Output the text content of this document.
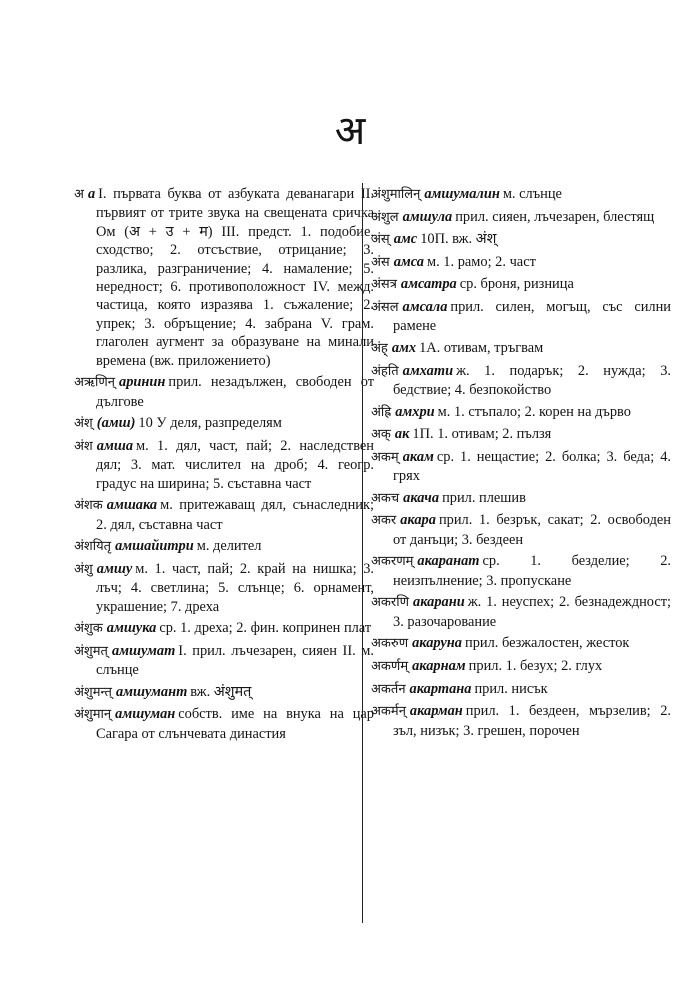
अ

अ a I. първата буква от азбуката деванагари II. първият от трите звука на свещената сричка Ом (अ + उ + म) III. предст. 1. подобие, сходство; 2. отсъствие, отрицание; 3. разлика, разграничение; 4. намаление; 5. нередност; 6. противоположност IV. межд. частица, която изразява 1. съжаление; 2. упрек; 3. обръщение; 4. забрана V. грам. глаголен аугмент за образуване на минали времена (вж. приложението)

अऋणिन् аринин прил. незадължен, свободен от дългове

अंश् (амш) 10 У деля, разпределям

अंश амша м. 1. дял, част, пай; 2. наследствен дял; 3. мат. числител на дроб; 4. геогр. градус на ширина; 5. съставна част

अंशक амшака м. притежаващ дял, сънаследник; 2. дял, съставна част

अंशयितृ амшайитри м. делител

अंशु амшу м. 1. част, пай; 2. край на нишка; 3. лъч; 4. светлина; 5. слънце; 6. орнамент, украшение; 7. дреха

अंशुक амшука ср. 1. дреха; 2. фин. копринен плат

अंशुमत् амшумат I. прил. лъчезарен, сияен II. м. слънце

अंशुमन्त् амшумант вж. अंशुमत्

अंशुमान् амшуман собств. име на внука на цар Сагара от слънчевата династия

अंशुमालिन् амшумалин м. слънце

अंशुल амшула прил. сияен, лъчезарен, блестящ

अंस् амс 10П. вж. अंश्

अंस амса м. 1. рамо; 2. част

अंसत्र амсатра ср. броня, ризница

अंसल амсала прил. силен, могъщ, със силни рамене

अंह् амх 1А. отивам, тръгвам

अंहति амхати ж. 1. подарък; 2. нужда; 3. бедствие; 4. безпокойство

अंह्रि амхри м. 1. стъпало; 2. корен на дърво

अक् ак 1П. 1. отивам; 2. пълзя

अकम् акам ср. 1. нещастие; 2. болка; 3. беда; 4. грях

अकच акача прил. плешив

अकर акара прил. 1. безрък, сакат; 2. освободен от данъци; 3. бездеен

अकरणम् акаранат ср. 1. безделие; 2. неизпълнение; 3. пропускане

अकरणि акарани ж. 1. неуспех; 2. безнадеждност; 3. разочарование

अकरुण акаруна прил. безжалостен, жесток

अकर्णम् акарнам прил. 1. безух; 2. глух

अकर्तन акартана прил. нисък

अकर्मन् акарман прил. 1. бездеен, мързелив; 2. зъл, низък; 3. грешен, порочен
